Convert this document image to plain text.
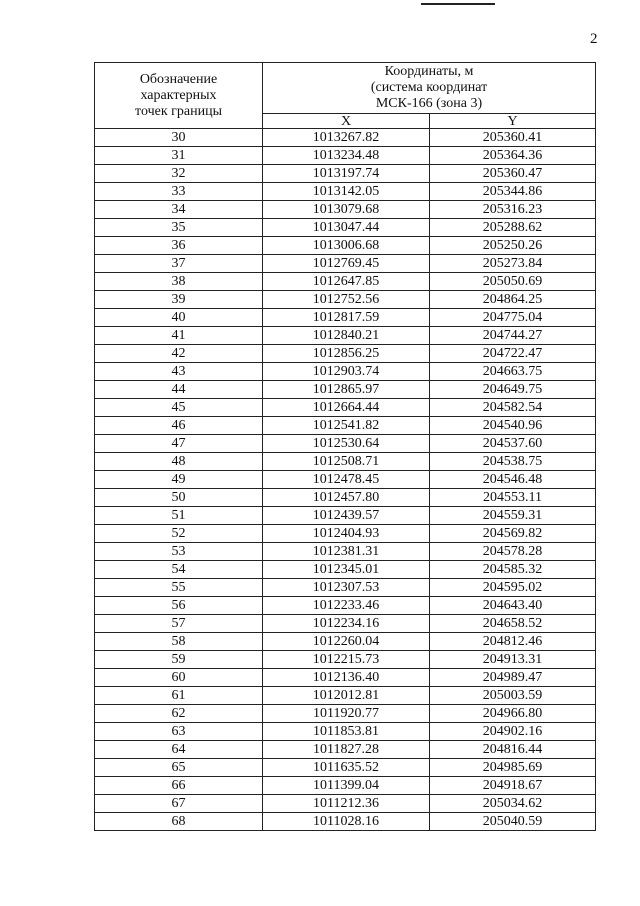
2
Обозначение
характерных
точек границы	Координаты, м
(система координат
МСК-166 (зона 3)	

	X	Y
30	1013267.82	205360.41
31	1013234.48	205364.36
32	1013197.74	205360.47
33	1013142.05	205344.86
34	1013079.68	205316.23
35	1013047.44	205288.62
36	1013006.68	205250.26
37	1012769.45	205273.84
38	1012647.85	205050.69
39	1012752.56	204864.25
40	1012817.59	204775.04
41	1012840.21	204744.27
42	1012856.25	204722.47
43	1012903.74	204663.75
44	1012865.97	204649.75
45	1012664.44	204582.54
46	1012541.82	204540.96
47	1012530.64	204537.60
48	1012508.71	204538.75
49	1012478.45	204546.48
50	1012457.80	204553.11
51	1012439.57	204559.31
52	1012404.93	204569.82
53	1012381.31	204578.28
54	1012345.01	204585.32
55	1012307.53	204595.02
56	1012233.46	204643.40
57	1012234.16	204658.52
58	1012260.04	204812.46
59	1012215.73	204913.31
60	1012136.40	204989.47
61	1012012.81	205003.59
62	1011920.77	204966.80
63	1011853.81	204902.16
64	1011827.28	204816.44
65	1011635.52	204985.69
66	1011399.04	204918.67
67	1011212.36	205034.62
68	1011028.16	205040.59
